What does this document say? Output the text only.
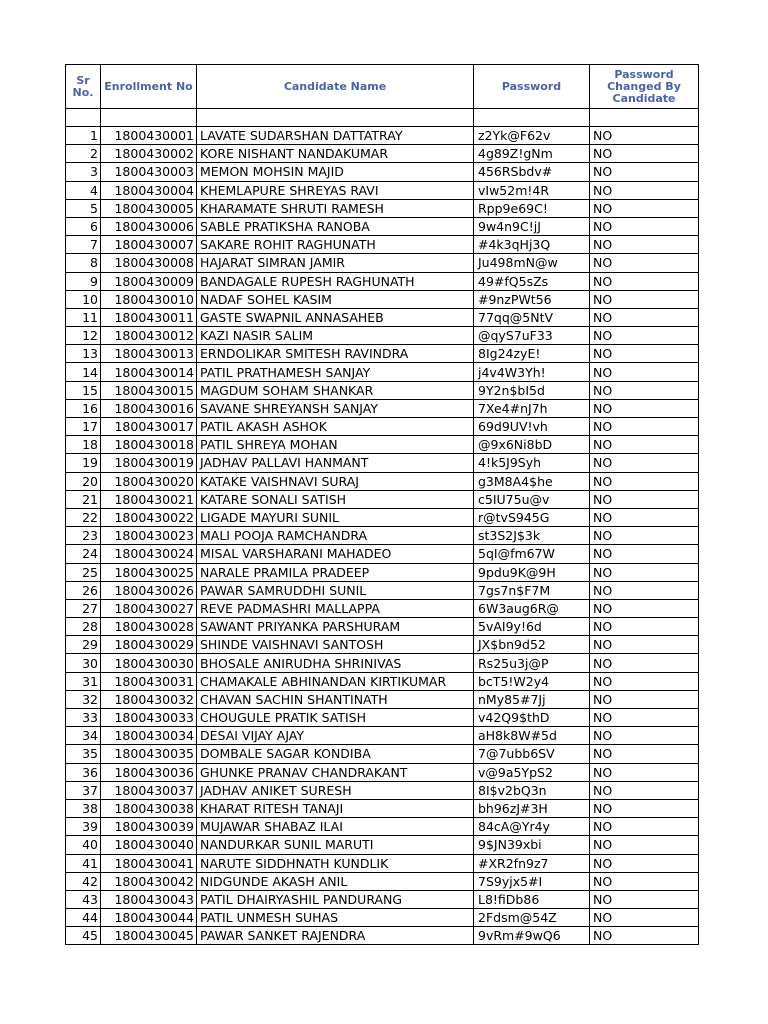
Sr
No.	Enrollment No	Candidate Name	Password	Password
Changed By
Candidate

1	1800430001	LAVATE SUDARSHAN DATTATRAY	z2Yk@F62v	NO
2	1800430002	KORE NISHANT NANDAKUMAR	4g89Z!gNm	NO
3	1800430003	MEMON MOHSIN MAJID	456RSbdv#	NO
4	1800430004	KHEMLAPURE SHREYAS RAVI	vIw52m!4R	NO
5	1800430005	KHARAMATE SHRUTI RAMESH	Rpp9e69C!	NO
6	1800430006	SABLE PRATIKSHA RANOBA	9w4n9C!jJ	NO
7	1800430007	SAKARE ROHIT RAGHUNATH	#4k3qHj3Q	NO
8	1800430008	HAJARAT SIMRAN JAMIR	Ju498mN@w	NO
9	1800430009	BANDAGALE RUPESH RAGHUNATH	49#fQ5sZs	NO
10	1800430010	NADAF SOHEL KASIM	#9nzPWt56	NO
11	1800430011	GASTE SWAPNIL ANNASAHEB	77qq@5NtV	NO
12	1800430012	KAZI NASIR SALIM	@qyS7uF33	NO
13	1800430013	ERNDOLIKAR SMITESH RAVINDRA	8Ig24zyE!	NO
14	1800430014	PATIL PRATHAMESH SANJAY	j4v4W3Yh!	NO
15	1800430015	MAGDUM SOHAM SHANKAR	9Y2n$bI5d	NO
16	1800430016	SAVANE SHREYANSH SANJAY	7Xe4#nJ7h	NO
17	1800430017	PATIL AKASH ASHOK	69d9UV!vh	NO
18	1800430018	PATIL SHREYA MOHAN	@9x6Ni8bD	NO
19	1800430019	JADHAV PALLAVI HANMANT	4!k5J9Syh	NO
20	1800430020	KATAKE VAISHNAVI SURAJ	g3M8A4$he	NO
21	1800430021	KATARE SONALI SATISH	c5IU75u@v	NO
22	1800430022	LIGADE MAYURI SUNIL	r@tvS945G	NO
23	1800430023	MALI POOJA RAMCHANDRA	st3S2J$3k	NO
24	1800430024	MISAL VARSHARANI MAHADEO	5qI@fm67W	NO
25	1800430025	NARALE PRAMILA PRADEEP	9pdu9K@9H	NO
26	1800430026	PAWAR SAMRUDDHI SUNIL	7gs7n$F7M	NO
27	1800430027	REVE PADMASHRI MALLAPPA	6W3aug6R@	NO
28	1800430028	SAWANT PRIYANKA PARSHURAM	5vAI9y!6d	NO
29	1800430029	SHINDE VAISHNAVI SANTOSH	JX$bn9d52	NO
30	1800430030	BHOSALE ANIRUDHA SHRINIVAS	Rs25u3j@P	NO
31	1800430031	CHAMAKALE ABHINANDAN KIRTIKUMAR	bcT5!W2y4	NO
32	1800430032	CHAVAN SACHIN SHANTINATH	nMy85#7Jj	NO
33	1800430033	CHOUGULE PRATIK SATISH	v42Q9$thD	NO
34	1800430034	DESAI VIJAY AJAY	aH8k8W#5d	NO
35	1800430035	DOMBALE SAGAR KONDIBA	7@7ubb6SV	NO
36	1800430036	GHUNKE PRANAV CHANDRAKANT	v@9a5YpS2	NO
37	1800430037	JADHAV ANIKET SURESH	8I$v2bQ3n	NO
38	1800430038	KHARAT RITESH TANAJI	bh96zJ#3H	NO
39	1800430039	MUJAWAR SHABAZ ILAI	84cA@Yr4y	NO
40	1800430040	NANDURKAR SUNIL MARUTI	9$JN39xbi	NO
41	1800430041	NARUTE SIDDHNATH KUNDLIK	#XR2fn9z7	NO
42	1800430042	NIDGUNDE AKASH ANIL	7S9yjx5#I	NO
43	1800430043	PATIL DHAIRYASHIL PANDURANG	L8!fiDb86	NO
44	1800430044	PATIL UNMESH SUHAS	2Fdsm@54Z	NO
45	1800430045	PAWAR SANKET RAJENDRA	9vRm#9wQ6	NO
